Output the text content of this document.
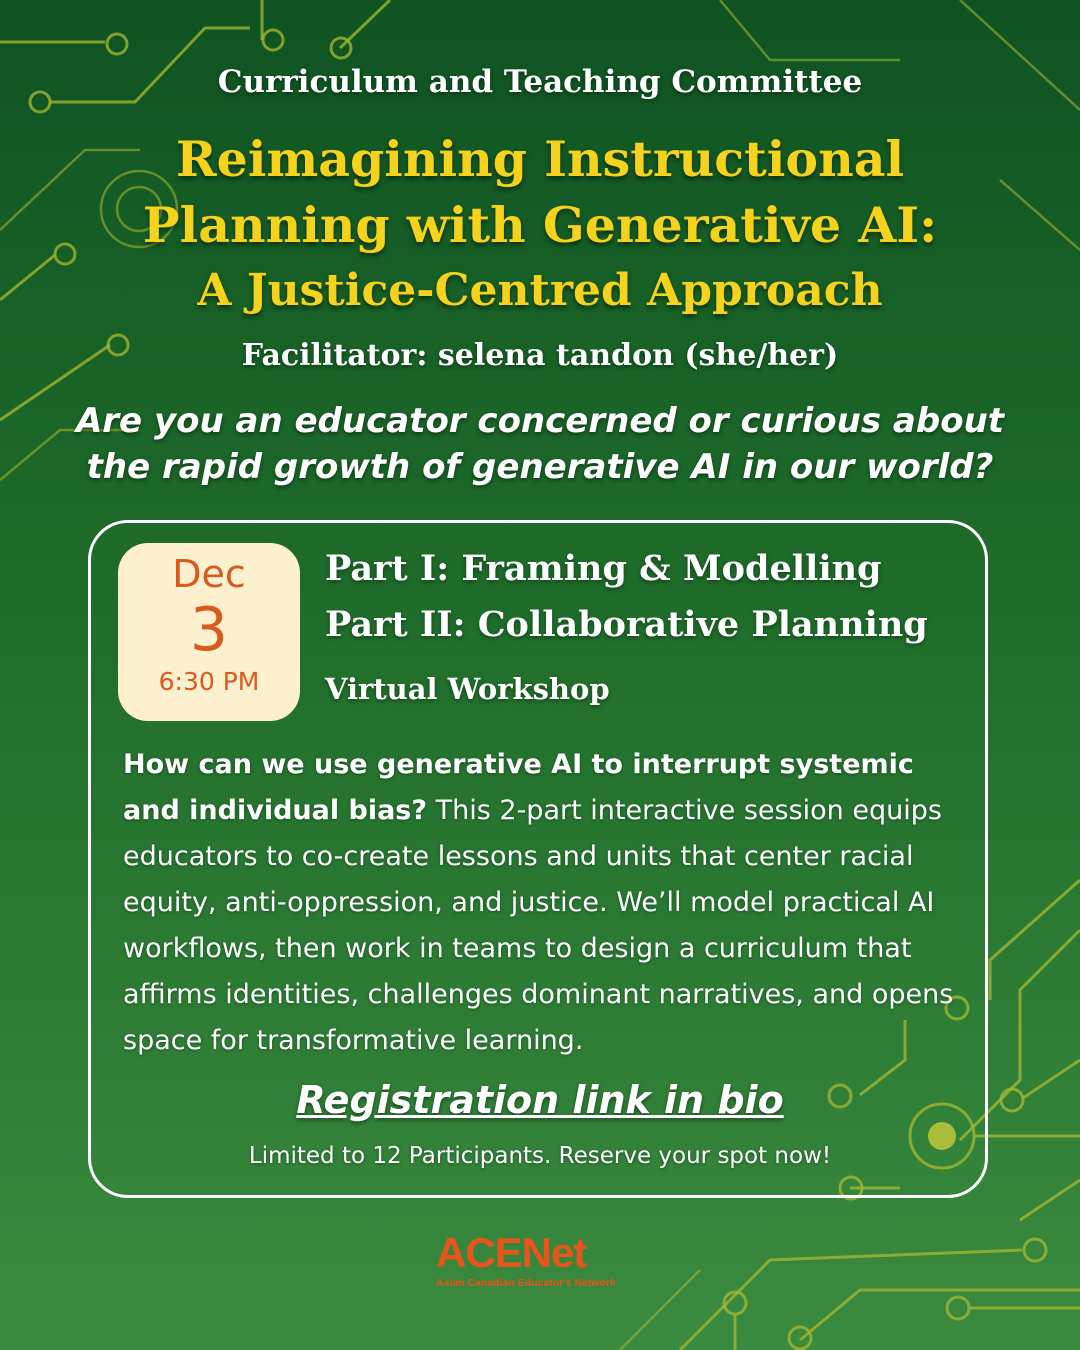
Curriculum and Teaching Committee
Reimagining Instructional
Planning with Generative AI:
A Justice-Centred Approach
Facilitator: selena tandon (she/her)
Are you an educator concerned or curious about
the rapid growth of generative AI in our world?
Dec
3
6:30 PM
Part I: Framing & Modelling
Part II: Collaborative Planning
Virtual Workshop
How can we use generative AI to interrupt systemic and individual bias? This 2-part interactive session equips educators to co-create lessons and units that center racial equity, anti-oppression, and justice. We’ll model practical AI workflows, then work in teams to design a curriculum that affirms identities, challenges dominant narratives, and opens space for transformative learning.
Registration link in bio
Limited to 12 Participants. Reserve your spot now!
ACENet
Asian Canadian Educator's Network
